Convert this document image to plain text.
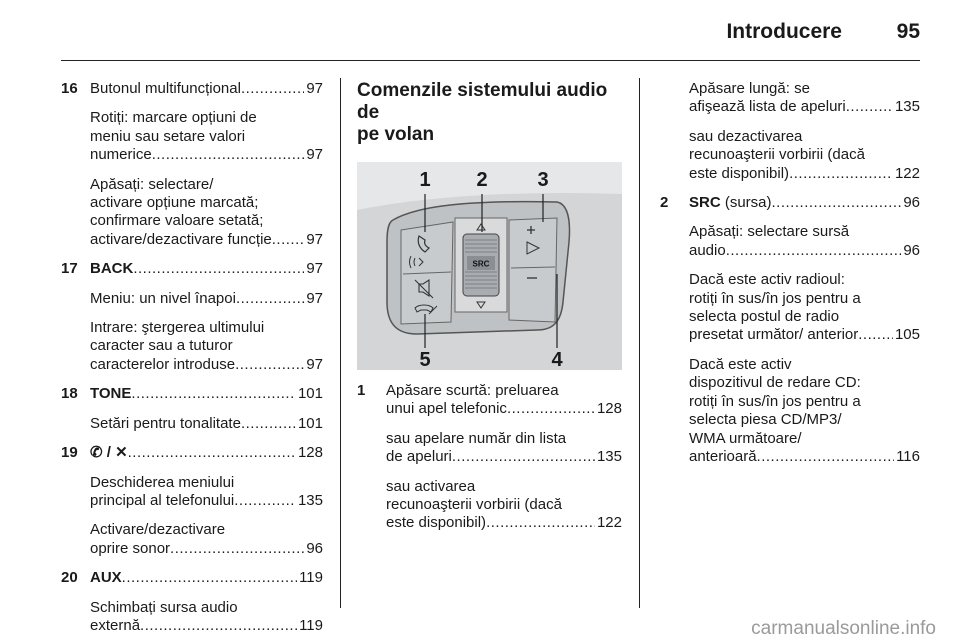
Introducere	95
16 Butonul multifuncțional .....	97
Rotiți: marcare opțiuni de
meniu sau setare valori
numerice .....	97
Apăsați: selectare/
activare opțiune marcată;
confirmare valoare setată;
activare/dezactivare funcție ..... 97
17 BACK .....	97
Meniu: un nivel înapoi .....	97
Intrare: ştergerea ultimului
caracter sau a tuturor
caracterelor introduse .....	97
18 TONE .....	101
Setări pentru tonalitate .....	101
19 ✆ / ✕ .....	128
Deschiderea meniului
principal al telefonului .....	135
Activare/dezactivare
oprire sonor .....	96
20 AUX .....	119
Schimbați sursa audio
externă .....	119
Comenzile sistemului audio de
pe volan
SRC
1 2 3
4
5
1 Apăsare scurtă: preluarea
unui apel telefonic .....	128
sau apelare număr din lista
de apeluri .....	135
sau activarea
recunoaşterii vorbirii (dacă
este disponibil) .....	122
Apăsare lungă: se
afişează lista de apeluri .....	135
sau dezactivarea
recunoaşterii vorbirii (dacă
este disponibil) .....	122
2 SRC (sursa) .....	96
Apăsați: selectare sursă
audio .....	96
Dacă este activ radioul:
rotiți în sus/în jos pentru a
selecta postul de radio
presetat următor/ anterior ..... 105
Dacă este activ
dispozitivul de redare CD:
rotiți în sus/în jos pentru a
selecta piesa CD/MP3/
WMA următoare/
anterioară .....	116
carmanualsonline.info
